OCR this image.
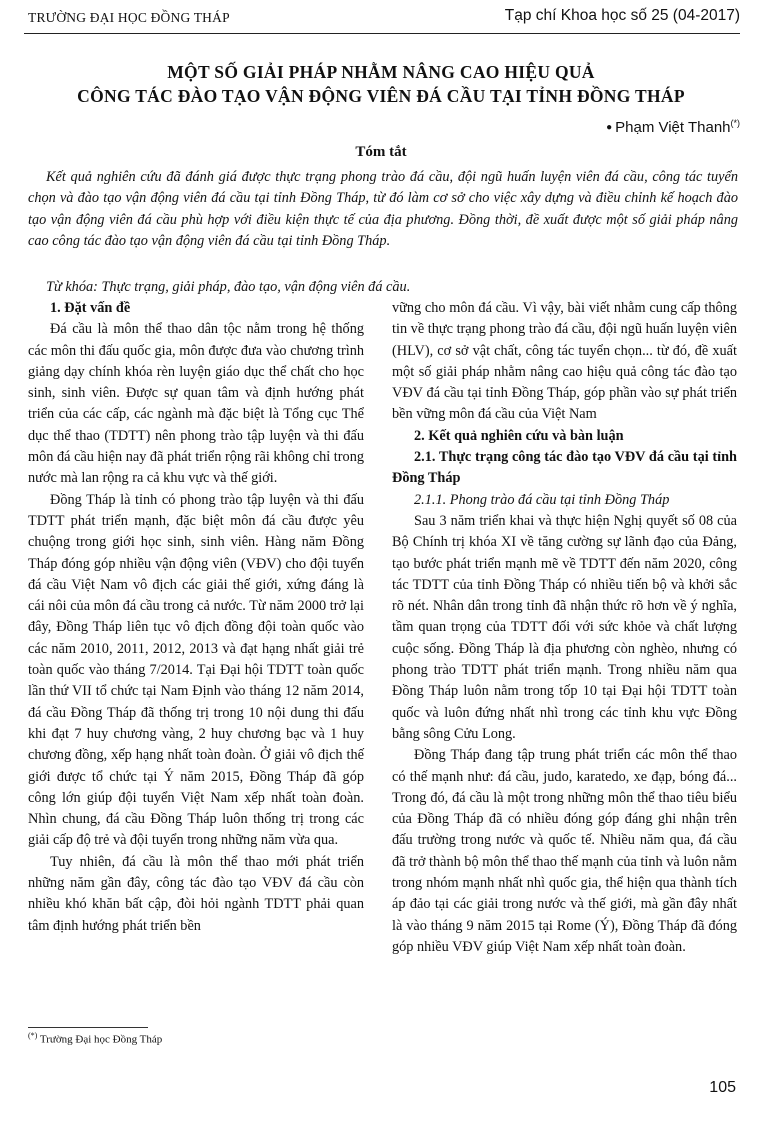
TRƯỜNG ĐẠI HỌC ĐỒNG THÁP	Tạp chí Khoa học số 25 (04-2017)
MỘT SỐ GIẢI PHÁP NHẰM NÂNG CAO HIỆU QUẢ
CÔNG TÁC ĐÀO TẠO VẬN ĐỘNG VIÊN ĐÁ CẦU TẠI TỈNH ĐỒNG THÁP
● Phạm Việt Thanh(*)
Tóm tắt

Kết quả nghiên cứu đã đánh giá được thực trạng phong trào đá cầu, đội ngũ huấn luyện viên đá cầu, công tác tuyển chọn và đào tạo vận động viên đá cầu tại tỉnh Đồng Tháp, từ đó làm cơ sở cho việc xây dựng và điều chỉnh kế hoạch đào tạo vận động viên đá cầu phù hợp với điều kiện thực tế của địa phương. Đồng thời, đề xuất được một số giải pháp nâng cao công tác đào tạo vận động viên đá cầu tại tỉnh Đồng Tháp.

Từ khóa: Thực trạng, giải pháp, đào tạo, vận động viên đá cầu.

1. Đặt vấn đề

Đá cầu là môn thể thao dân tộc nằm trong hệ thống các môn thi đấu quốc gia, môn được đưa vào chương trình giảng dạy chính khóa rèn luyện giáo dục thể chất cho học sinh, sinh viên. Được sự quan tâm và định hướng phát triển của các cấp, các ngành mà đặc biệt là Tổng cục Thể dục thể thao (TDTT) nên phong trào tập luyện và thi đấu môn đá cầu hiện nay đã phát triển rộng rãi không chỉ trong nước mà lan rộng ra cả khu vực và thế giới.

Đồng Tháp là tỉnh có phong trào tập luyện và thi đấu TDTT phát triển mạnh, đặc biệt môn đá cầu được yêu chuộng trong giới học sinh, sinh viên. Hàng năm Đồng Tháp đóng góp nhiều vận động viên (VĐV) cho đội tuyển đá cầu Việt Nam vô địch các giải thế giới, xứng đáng là cái nôi của môn đá cầu trong cả nước. Từ năm 2000 trở lại đây, Đồng Tháp liên tục vô địch đồng đội toàn quốc vào các năm 2010, 2011, 2012, 2013 và đạt hạng nhất giải trẻ toàn quốc vào tháng 7/2014. Tại Đại hội TDTT toàn quốc lần thứ VII tổ chức tại Nam Định vào tháng 12 năm 2014, đá cầu Đồng Tháp đã thống trị trong 10 nội dung thi đấu khi đạt 7 huy chương vàng, 2 huy chương bạc và 1 huy chương đồng, xếp hạng nhất toàn đoàn. Ở giải vô địch thế giới được tổ chức tại Ý năm 2015, Đồng Tháp đã góp công lớn giúp đội tuyển Việt Nam xếp nhất toàn đoàn. Nhìn chung, đá cầu Đồng Tháp luôn thống trị trong các giải cấp độ trẻ và đội tuyển trong những năm vừa qua.

Tuy nhiên, đá cầu là môn thể thao mới phát triển những năm gần đây, công tác đào tạo VĐV đá cầu còn nhiều khó khăn bất cập, đòi hỏi ngành TDTT phải quan tâm định hướng phát triển bền

vững cho môn đá cầu. Vì vậy, bài viết nhằm cung cấp thông tin về thực trạng phong trào đá cầu, đội ngũ huấn luyện viên (HLV), cơ sở vật chất, công tác tuyển chọn... từ đó, đề xuất một số giải pháp nhằm nâng cao hiệu quả công tác đào tạo VĐV đá cầu tại tỉnh Đồng Tháp, góp phần vào sự phát triển bền vững môn đá cầu của Việt Nam

2. Kết quả nghiên cứu và bàn luận
2.1. Thực trạng công tác đào tạo VĐV đá cầu tại tỉnh Đồng Tháp
2.1.1. Phong trào đá cầu tại tỉnh Đồng Tháp

Sau 3 năm triển khai và thực hiện Nghị quyết số 08 của Bộ Chính trị khóa XI về tăng cường sự lãnh đạo của Đảng, tạo bước phát triển mạnh mẽ về TDTT đến năm 2020, công tác TDTT của tỉnh Đồng Tháp có nhiều tiến bộ và khởi sắc rõ nét. Nhân dân trong tỉnh đã nhận thức rõ hơn về ý nghĩa, tầm quan trọng của TDTT đối với sức khỏe và chất lượng cuộc sống. Đồng Tháp là địa phương còn nghèo, nhưng có phong trào TDTT phát triển mạnh. Trong nhiều năm qua Đồng Tháp luôn nằm trong tốp 10 tại Đại hội TDTT toàn quốc và luôn đứng nhất nhì trong các tỉnh khu vực Đồng bằng sông Cửu Long.

Đồng Tháp đang tập trung phát triển các môn thể thao có thế mạnh như: đá cầu, judo, karatedo, xe đạp, bóng đá... Trong đó, đá cầu là một trong những môn thể thao tiêu biểu của Đồng Tháp đã có nhiều đóng góp đáng ghi nhận trên đấu trường trong nước và quốc tế. Nhiều năm qua, đá cầu đã trở thành bộ môn thể thao thế mạnh của tỉnh và luôn nằm trong nhóm mạnh nhất nhì quốc gia, thể hiện qua thành tích áp đảo tại các giải trong nước và thế giới, mà gần đây nhất là vào tháng 9 năm 2015 tại Rome (Ý), Đồng Tháp đã đóng góp nhiều VĐV giúp Việt Nam xếp nhất toàn đoàn.

(*) Trường Đại học Đồng Tháp
105
